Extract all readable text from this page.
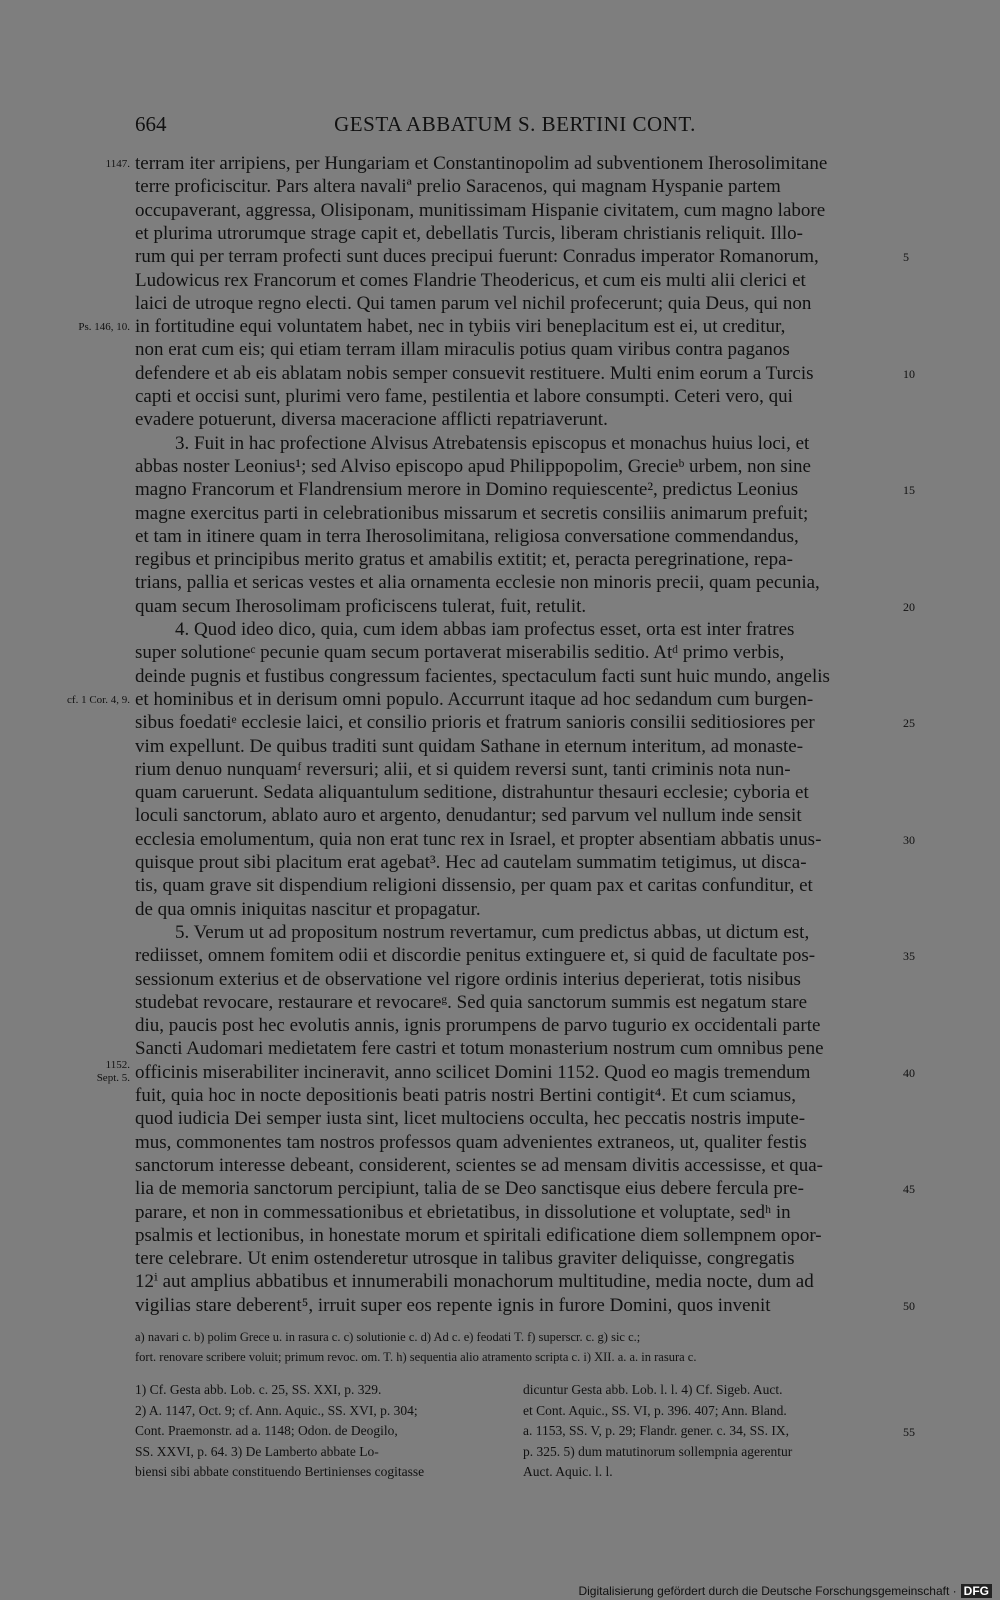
664	GESTA ABBATUM S. BERTINI CONT.
terram iter arripiens, per Hungariam et Constantinopolim ad subventionem Iherosolimitane
terre proficiscitur. Pars altera navaliª prelio Saracenos, qui magnam Hyspanie partem
occupaverant, aggressa, Olisiponam, munitissimam Hispanie civitatem, cum magno labore
et plurima utrorumque strage capit et, debellatis Turcis, liberam christianis reliquit. Illo-
rum qui per terram profecti sunt duces precipui fuerunt: Conradus imperator Romanorum,
Ludowicus rex Francorum et comes Flandrie Theodericus, et cum eis multi alii clerici et
laici de utroque regno electi. Qui tamen parum vel nichil profecerunt; quia Deus, qui non
in fortitudine equi voluntatem habet, nec in tybiis viri beneplacitum est ei, ut creditur,
non erat cum eis; qui etiam terram illam miraculis potius quam viribus contra paganos
defendere et ab eis ablatam nobis semper consuevit restituere. Multi enim eorum a Turcis
capti et occisi sunt, plurimi vero fame, pestilentia et labore consumpti. Ceteri vero, qui
evadere potuerunt, diversa maceracione afflicti repatriaverunt.
3. Fuit in hac profectione Alvisus Atrebatensis episcopus et monachus huius loci, et
abbas noster Leonius¹; sed Alviso episcopo apud Philippopolim, Grecieᵇ urbem, non sine
magno Francorum et Flandrensium merore in Domino requiescente², predictus Leonius
magne exercitus parti in celebrationibus missarum et secretis consiliis animarum prefuit;
et tam in itinere quam in terra Iherosolimitana, religiosa conversatione commendandus,
regibus et principibus merito gratus et amabilis extitit; et, peracta peregrinatione, repa-
trians, pallia et sericas vestes et alia ornamenta ecclesie non minoris precii, quam pecunia,
quam secum Iherosolimam proficiscens tulerat, fuit, retulit.
4. Quod ideo dico, quia, cum idem abbas iam profectus esset, orta est inter fratres
super solutioneᶜ pecunie quam secum portaverat miserabilis seditio. Atᵈ primo verbis,
deinde pugnis et fustibus congressum facientes, spectaculum facti sunt huic mundo, angelis
et hominibus et in derisum omni populo. Accurrunt itaque ad hoc sedandum cum burgen-
sibus foedatiᵉ ecclesie laici, et consilio prioris et fratrum sanioris consilii seditiosiores per
vim expellunt. De quibus traditi sunt quidam Sathane in eternum interitum, ad monaste-
rium denuo nunquamᶠ reversuri; alii, et si quidem reversi sunt, tanti criminis nota nun-
quam caruerunt. Sedata aliquantulum seditione, distrahuntur thesauri ecclesie; cyboria et
loculi sanctorum, ablato auro et argento, denudantur; sed parvum vel nullum inde sensit
ecclesia emolumentum, quia non erat tunc rex in Israel, et propter absentiam abbatis unus-
quisque prout sibi placitum erat agebat³. Hec ad cautelam summatim tetigimus, ut disca-
tis, quam grave sit dispendium religioni dissensio, per quam pax et caritas confunditur, et
de qua omnis iniquitas nascitur et propagatur.
5. Verum ut ad propositum nostrum revertamur, cum predictus abbas, ut dictum est,
rediisset, omnem fomitem odii et discordie penitus extinguere et, si quid de facultate pos-
sessionum exterius et de observatione vel rigore ordinis interius deperierat, totis nisibus
studebat revocare, restaurare et revocareᵍ. Sed quia sanctorum summis est negatum stare
diu, paucis post hec evolutis annis, ignis prorumpens de parvo tugurio ex occidentali parte
Sancti Audomari medietatem fere castri et totum monasterium nostrum cum omnibus pene
officinis miserabiliter incineravit, anno scilicet Domini 1152. Quod eo magis tremendum
fuit, quia hoc in nocte depositionis beati patris nostri Bertini contigit⁴. Et cum sciamus,
quod iudicia Dei semper iusta sint, licet multociens occulta, hec peccatis nostris impute-
mus, commonentes tam nostros professos quam advenientes extraneos, ut, qualiter festis
sanctorum interesse debeant, considerent, scientes se ad mensam divitis accessisse, et qua-
lia de memoria sanctorum percipiunt, talia de se Deo sanctisque eius debere fercula pre-
parare, et non in commessationibus et ebrietatibus, in dissolutione et voluptate, sedʰ in
psalmis et lectionibus, in honestate morum et spiritali edificatione diem sollempnem opor-
tere celebrare. Ut enim ostenderetur utrosque in talibus graviter deliquisse, congregatis
12ⁱ aut amplius abbatibus et innumerabili monachorum multitudine, media nocte, dum ad
vigilias stare deberent⁵, irruit super eos repente ignis in furore Domini, quos invenit
5
10
15
20
25
30
35
40
45
50
1147.
Ps. 146, 10.
cf. 1 Cor. 4, 9.
1152.
Sept. 5.
a) navari c. b) polim Grece u. in rasura c. c) solutionie c. d) Ad c. e) feodati T. f) superscr. c. g) sic c.;
fort. renovare scribere voluit; primum revoc. om. T. h) sequentia alio atramento scripta c. i) XII. a. a. in rasura c.
1) Cf. Gesta abb. Lob. c. 25, SS. XXI, p. 329.
2) A. 1147, Oct. 9; cf. Ann. Aquic., SS. XVI, p. 304;
Cont. Praemonstr. ad a. 1148; Odon. de Deogilo,
SS. XXVI, p. 64. 3) De Lamberto abbate Lo-
biensi sibi abbate constituendo Bertinienses cogitasse
dicuntur Gesta abb. Lob. l. l. 4) Cf. Sigeb. Auct.
et Cont. Aquic., SS. VI, p. 396. 407; Ann. Bland.
a. 1153, SS. V, p. 29; Flandr. gener. c. 34, SS. IX,
p. 325. 5) dum matutinorum sollempnia agerentur
Auct. Aquic. l. l.
55
Digitalisierung gefördert durch die Deutsche Forschungsgemeinschaft · DFG
